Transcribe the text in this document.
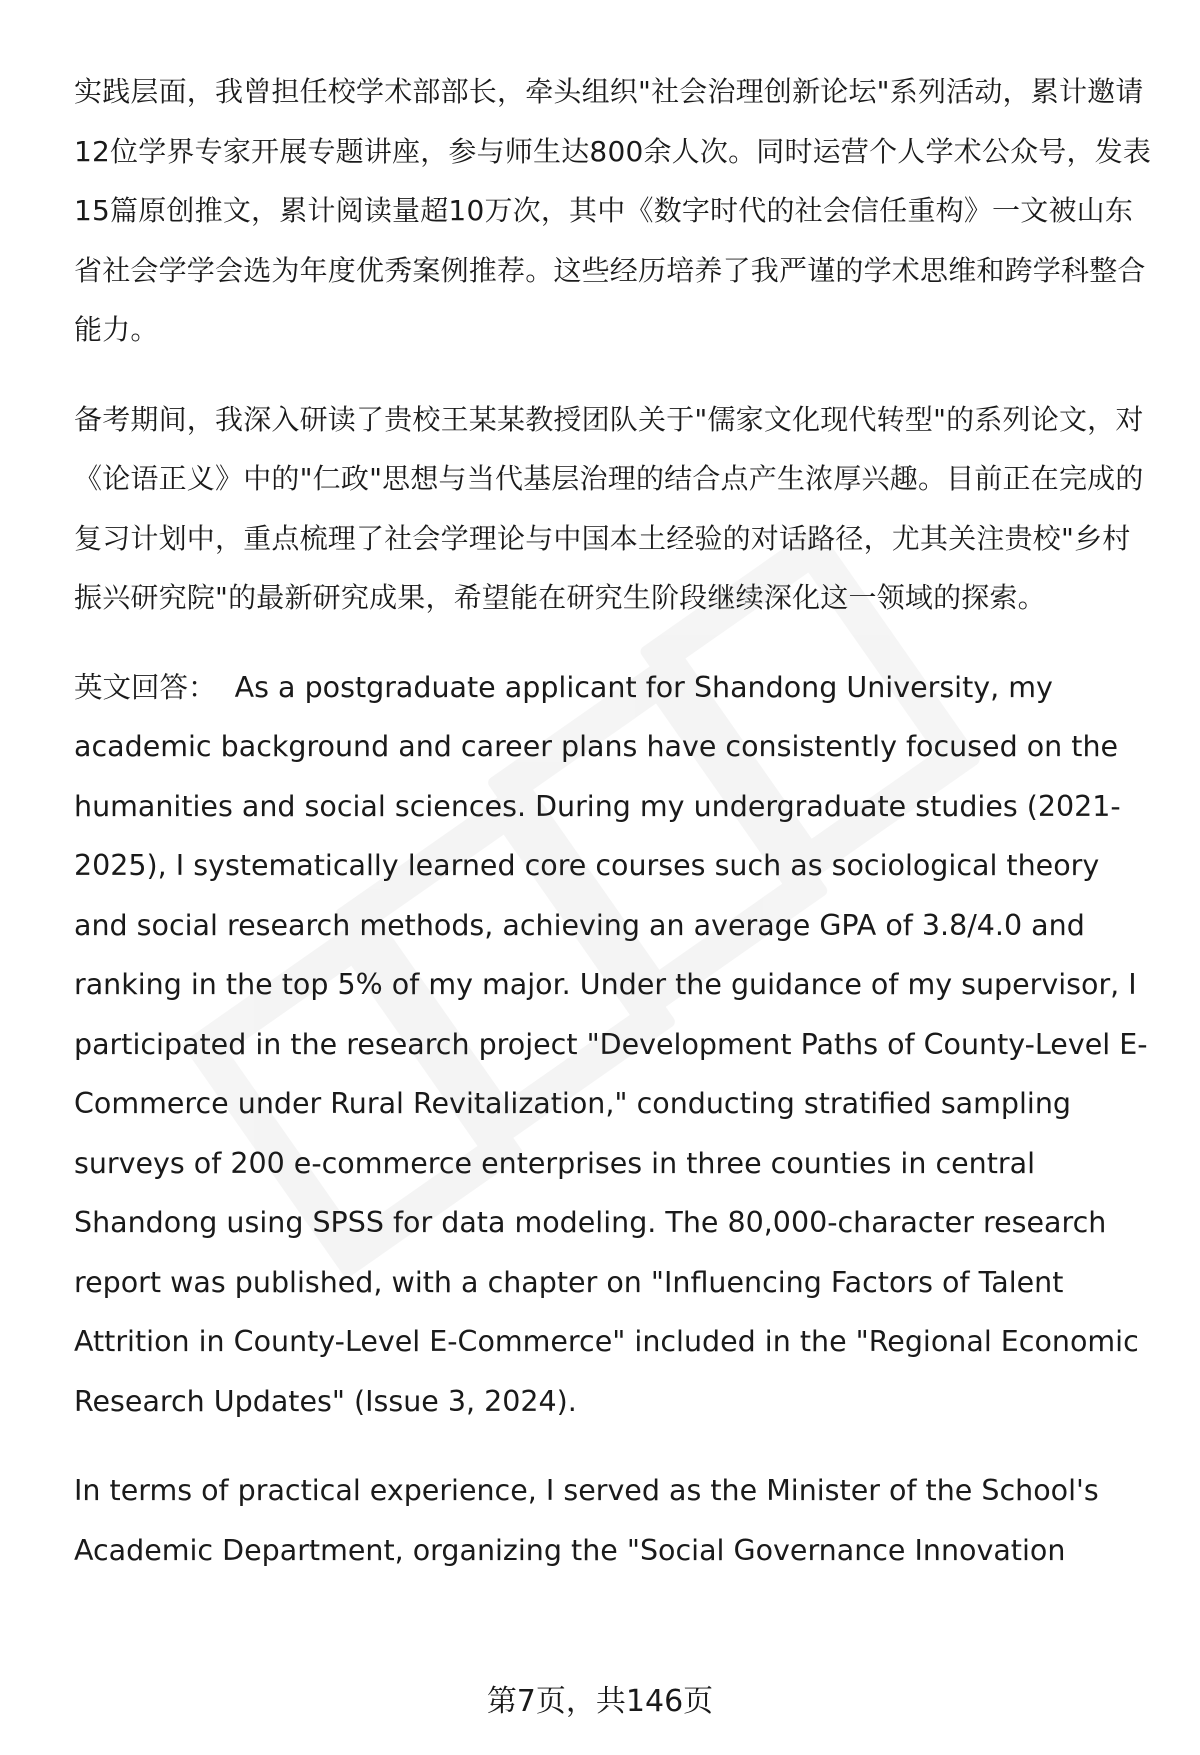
实践层面，我曾担任校学术部部长，牵头组织"社会治理创新论坛"系列活动，累计邀请12位学界专家开展专题讲座，参与师生达800余人次。同时运营个人学术公众号，发表15篇原创推文，累计阅读量超10万次，其中《数字时代的社会信任重构》一文被山东省社会学学会选为年度优秀案例推荐。这些经历培养了我严谨的学术思维和跨学科整合能力。

备考期间，我深入研读了贵校王某某教授团队关于"儒家文化现代转型"的系列论文，对《论语正义》中的"仁政"思想与当代基层治理的结合点产生浓厚兴趣。目前正在完成的复习计划中，重点梳理了社会学理论与中国本土经验的对话路径，尤其关注贵校"乡村振兴研究院"的最新研究成果，希望能在研究生阶段继续深化这一领域的探索。

英文回答： As a postgraduate applicant for Shandong University, my academic background and career plans have consistently focused on the humanities and social sciences. During my undergraduate studies (2021-2025), I systematically learned core courses such as sociological theory and social research methods, achieving an average GPA of 3.8/4.0 and ranking in the top 5% of my major. Under the guidance of my supervisor, I participated in the research project "Development Paths of County-Level E-Commerce under Rural Revitalization," conducting stratified sampling surveys of 200 e-commerce enterprises in three counties in central Shandong using SPSS for data modeling. The 80,000-character research report was published, with a chapter on "Influencing Factors of Talent Attrition in County-Level E-Commerce" included in the "Regional Economic Research Updates" (Issue 3, 2024).

In terms of practical experience, I served as the Minister of the School's Academic Department, organizing the "Social Governance Innovation

第7页，共146页
